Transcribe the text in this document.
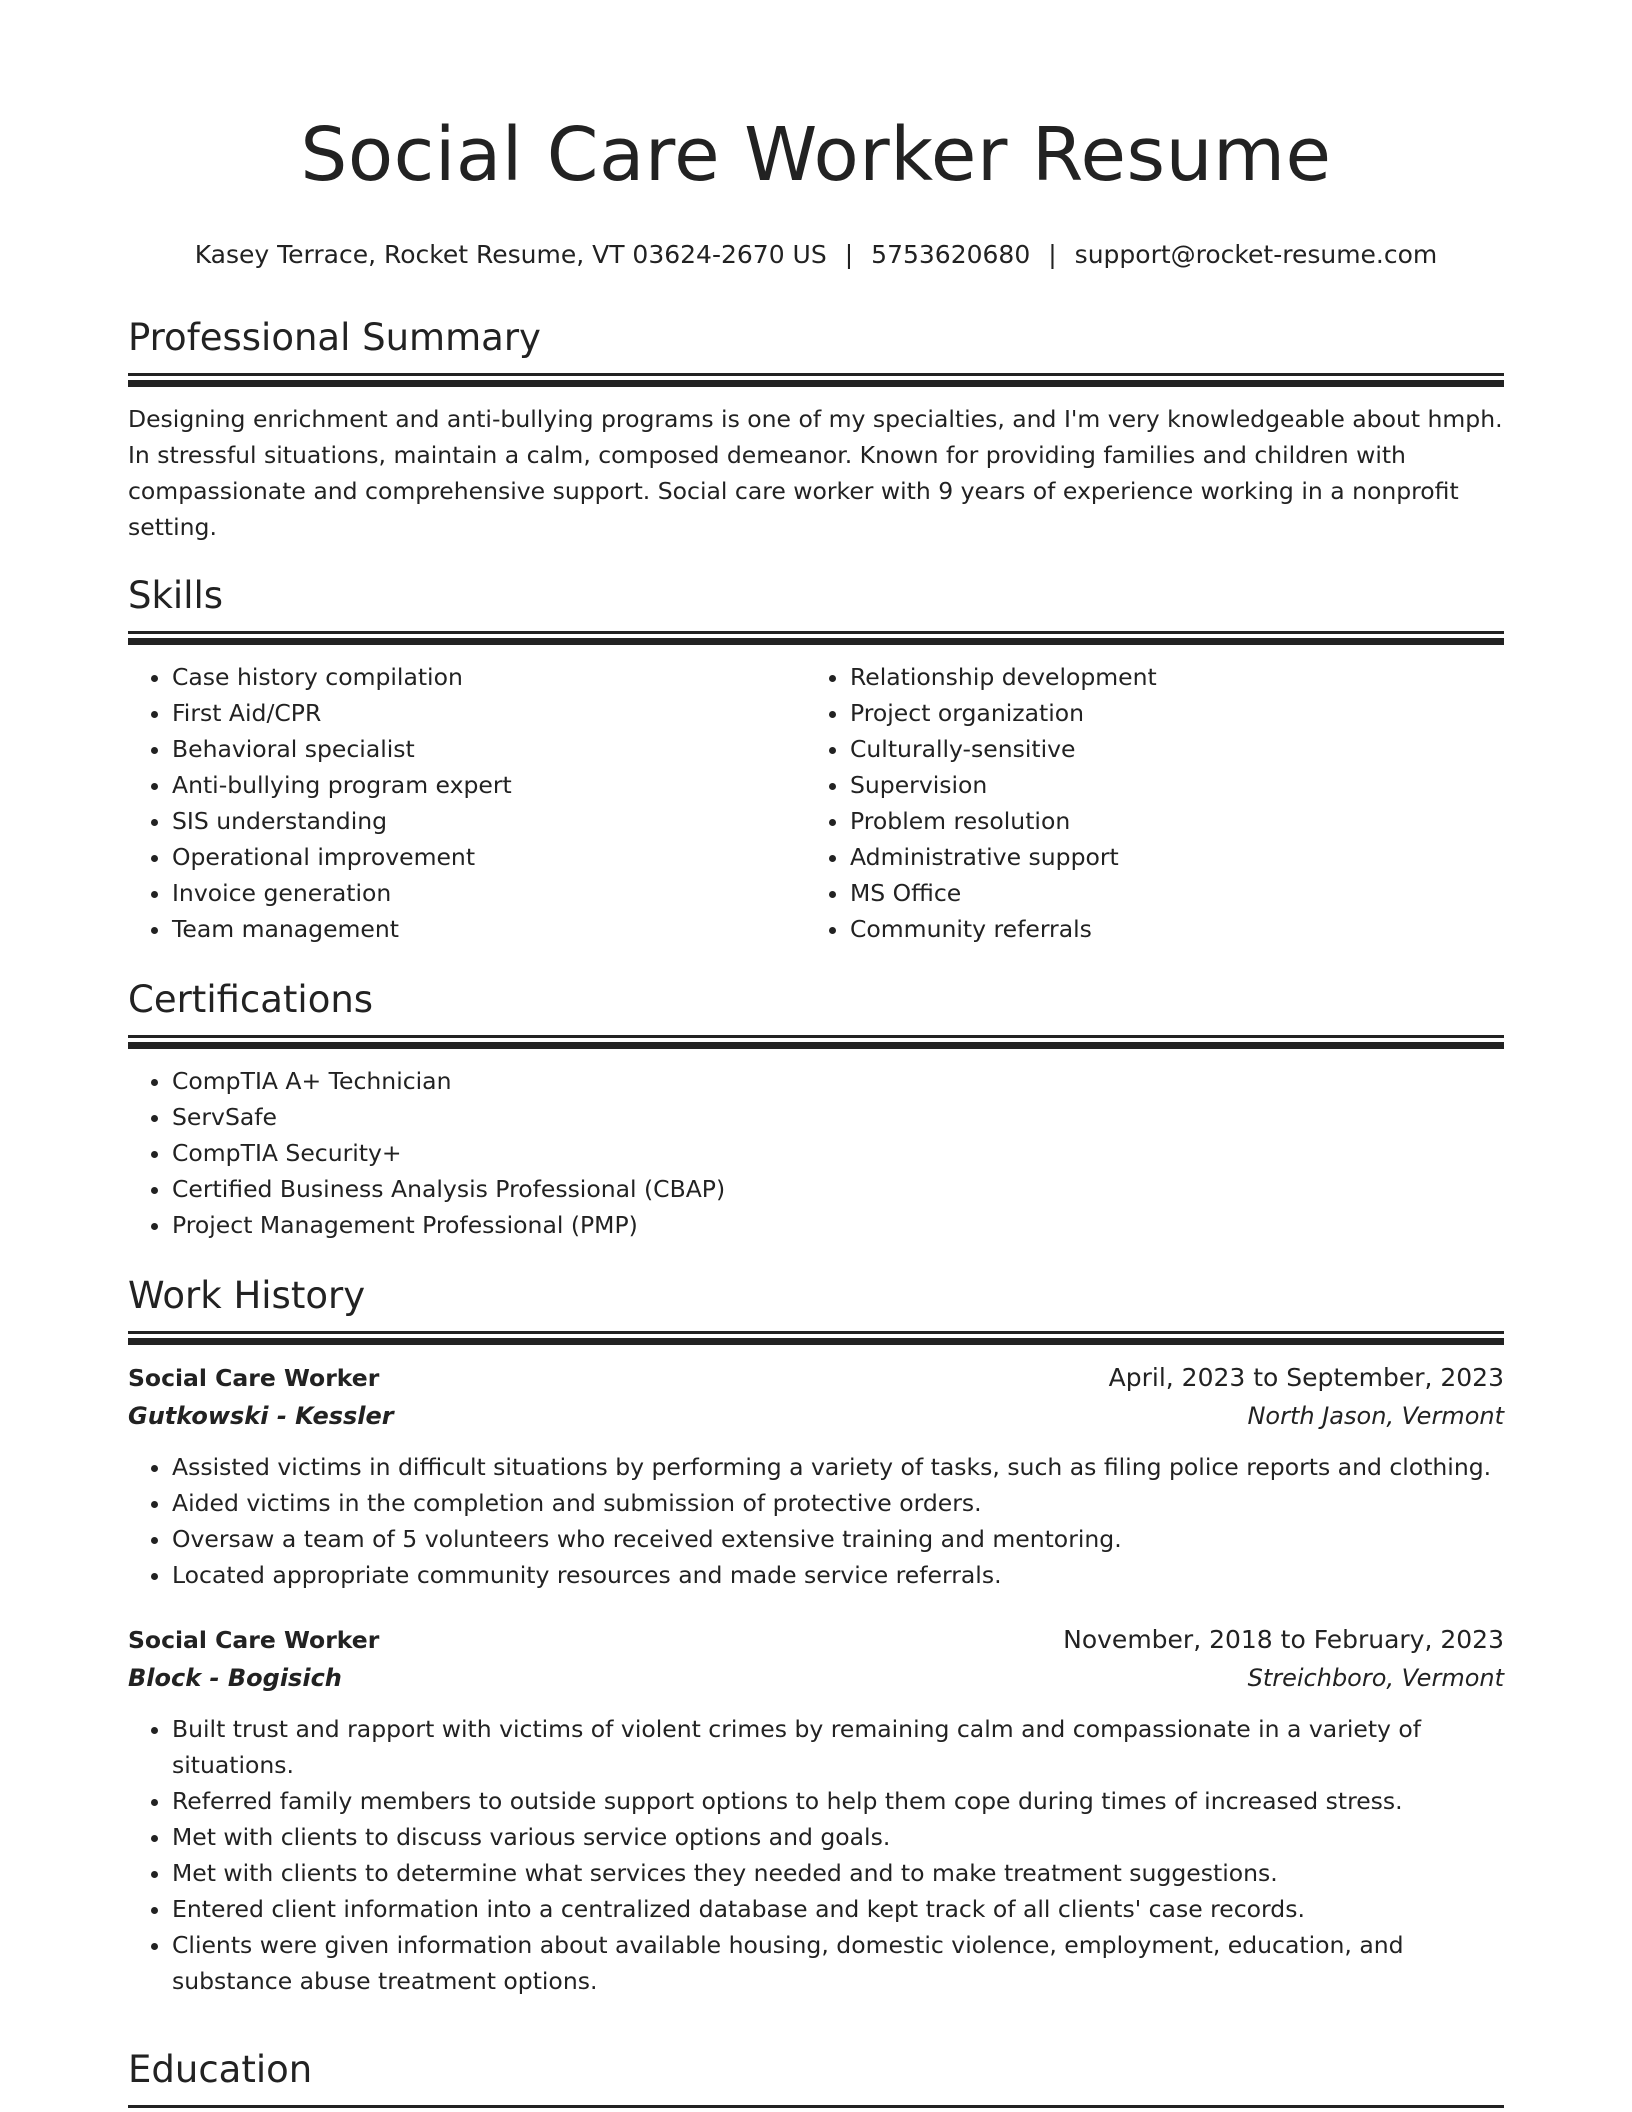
Social Care Worker Resume
Kasey Terrace, Rocket Resume, VT 03624-2670 US | 5753620680 | support@rocket-resume.com
Professional Summary

Designing enrichment and anti-bullying programs is one of my specialties, and I'm very knowledgeable about hmph. In stressful situations, maintain a calm, composed demeanor. Known for providing families and children with compassionate and comprehensive support. Social care worker with 9 years of experience working in a nonprofit setting.

Skills
• Case history compilation
• First Aid/CPR
• Behavioral specialist
• Anti-bullying program expert
• SIS understanding
• Operational improvement
• Invoice generation
• Team management
• Relationship development
• Project organization
• Culturally-sensitive
• Supervision
• Problem resolution
• Administrative support
• MS Office
• Community referrals
Certifications
• CompTIA A+ Technician
• ServSafe
• CompTIA Security+
• Certified Business Analysis Professional (CBAP)
• Project Management Professional (PMP)
Work History
Social Care Worker	April, 2023 to September, 2023
Gutkowski - Kessler	North Jason, Vermont
• Assisted victims in difficult situations by performing a variety of tasks, such as filing police reports and clothing.
• Aided victims in the completion and submission of protective orders.
• Oversaw a team of 5 volunteers who received extensive training and mentoring.
• Located appropriate community resources and made service referrals.
Social Care Worker	November, 2018 to February, 2023
Block - Bogisich	Streichboro, Vermont
• Built trust and rapport with victims of violent crimes by remaining calm and compassionate in a variety of situations.
• Referred family members to outside support options to help them cope during times of increased stress.
• Met with clients to discuss various service options and goals.
• Met with clients to determine what services they needed and to make treatment suggestions.
• Entered client information into a centralized database and kept track of all clients' case records.
• Clients were given information about available housing, domestic violence, employment, education, and substance abuse treatment options.
Education
